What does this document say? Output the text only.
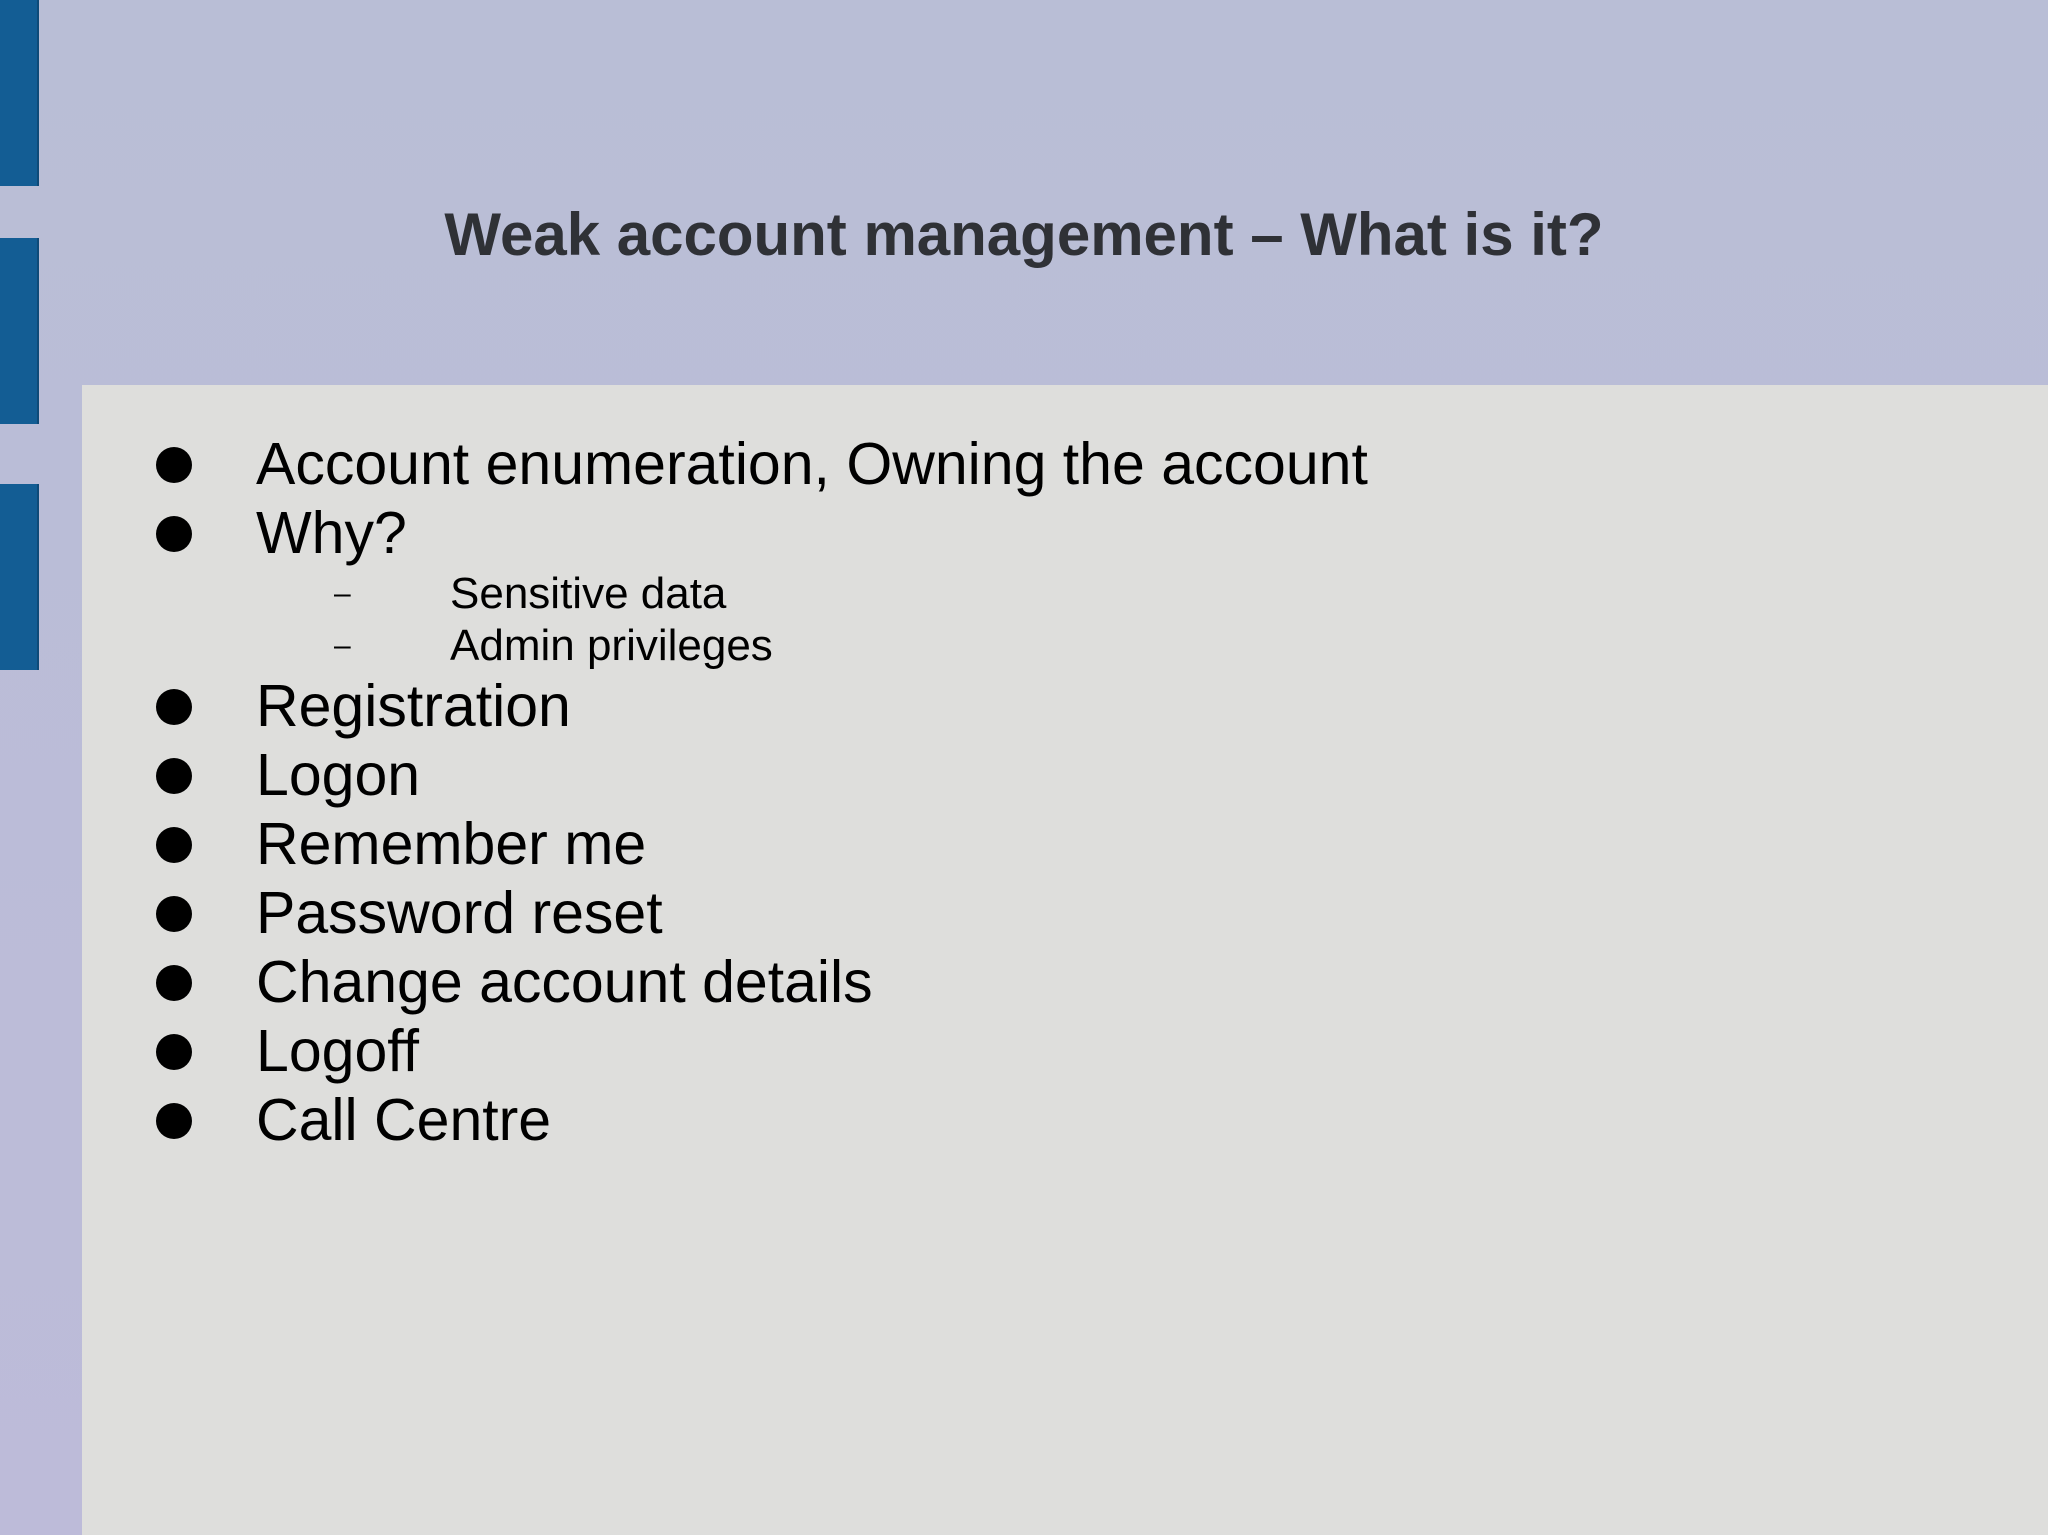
Weak account management – What is it?
Account enumeration, Owning the account
Why?
– Sensitive data
– Admin privileges
Registration
Logon
Remember me
Password reset
Change account details
Logoff
Call Centre
